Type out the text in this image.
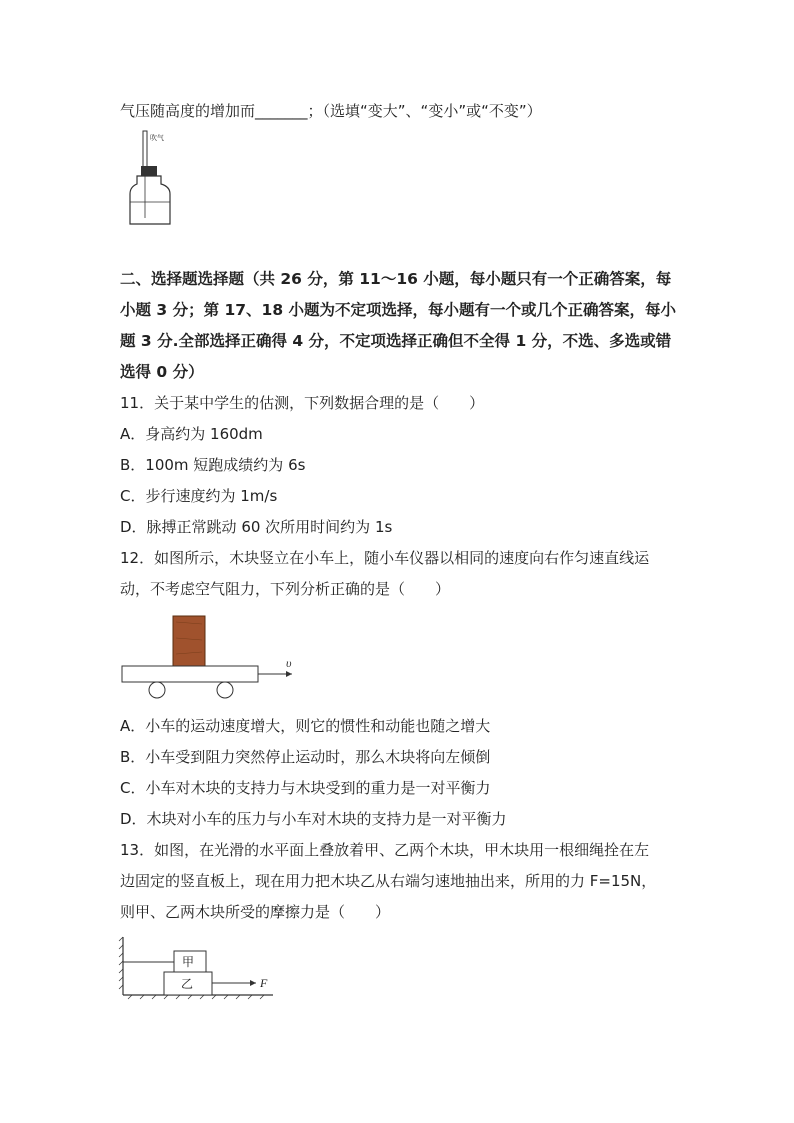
气压随高度的增加而_______；（选填“变大”、“变小”或“不变”）
吹气
二、选择题选择题（共 26 分，第 11～16 小题，每小题只有一个正确答案，每
小题 3 分；第 17、18 小题为不定项选择，每小题有一个或几个正确答案，每小
题 3 分.全部选择正确得 4 分，不定项选择正确但不全得 1 分，不选、多选或错
选得 0 分）
11．关于某中学生的估测，下列数据合理的是（　　）
A．身高约为 160dm
B．100m 短跑成绩约为 6s
C．步行速度约为 1m/s
D．脉搏正常跳动 60 次所用时间约为 1s
12．如图所示，木块竖立在小车上，随小车仪器以相同的速度向右作匀速直线运
动，不考虑空气阻力，下列分析正确的是（　　）
υ
A．小车的运动速度增大，则它的惯性和动能也随之增大
B．小车受到阻力突然停止运动时，那么木块将向左倾倒
C．小车对木块的支持力与木块受到的重力是一对平衡力
D．木块对小车的压力与小车对木块的支持力是一对平衡力
13．如图，在光滑的水平面上叠放着甲、乙两个木块，甲木块用一根细绳拴在左
边固定的竖直板上，现在用力把木块乙从右端匀速地抽出来，所用的力 F=15N，
则甲、乙两木块所受的摩擦力是（　　）
甲
乙	F
